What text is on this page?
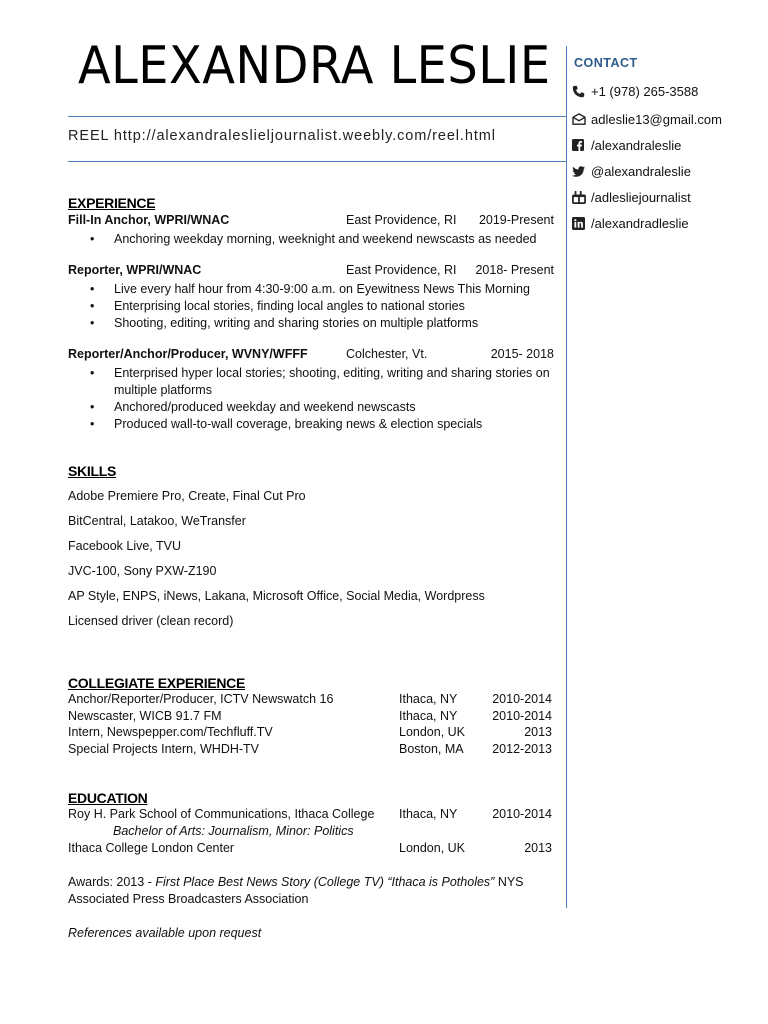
ALEXANDRA LESLIE
REEL http://alexandraleslieljournalist.weebly.com/reel.html
CONTACT
+1 (978) 265-3588
adleslie13@gmail.com
/alexandraleslie
@alexandraleslie
/adlesliejournalist
/alexandradleslie
EXPERIENCE
Fill-In Anchor, WPRI/WNAC	East Providence, RI 2019-Present
• Anchoring weekday morning, weeknight and weekend newscasts as needed
Reporter, WPRI/WNAC	East Providence, RI 2018- Present
• Live every half hour from 4:30-9:00 a.m. on Eyewitness News This Morning
• Enterprising local stories, finding local angles to national stories
• Shooting, editing, writing and sharing stories on multiple platforms
Reporter/Anchor/Producer, WVNY/WFFF	Colchester, Vt.	2015- 2018
• Enterprised hyper local stories; shooting, editing, writing and sharing stories on multiple platforms
• Anchored/produced weekday and weekend newscasts
• Produced wall-to-wall coverage, breaking news & election specials
SKILLS
Adobe Premiere Pro, Create, Final Cut Pro
BitCentral, Latakoo, WeTransfer
Facebook Live, TVU
JVC-100, Sony PXW-Z190
AP Style, ENPS, iNews, Lakana, Microsoft Office, Social Media, Wordpress
Licensed driver (clean record)
COLLEGIATE EXPERIENCE
Anchor/Reporter/Producer, ICTV Newswatch 16	Ithaca, NY	2010-2014
Newscaster, WICB 91.7 FM	Ithaca, NY	2010-2014
Intern, Newspepper.com/Techfluff.TV	London, UK	2013
Special Projects Intern, WHDH-TV	Boston, MA 2012-2013
EDUCATION
Roy H. Park School of Communications, Ithaca College Ithaca, NY	2010-2014
Bachelor of Arts: Journalism, Minor: Politics
Ithaca College London Center	London, UK	2013
Awards: 2013 - First Place Best News Story (College TV) “Ithaca is Potholes” NYS Associated Press Broadcasters Association
References available upon request
